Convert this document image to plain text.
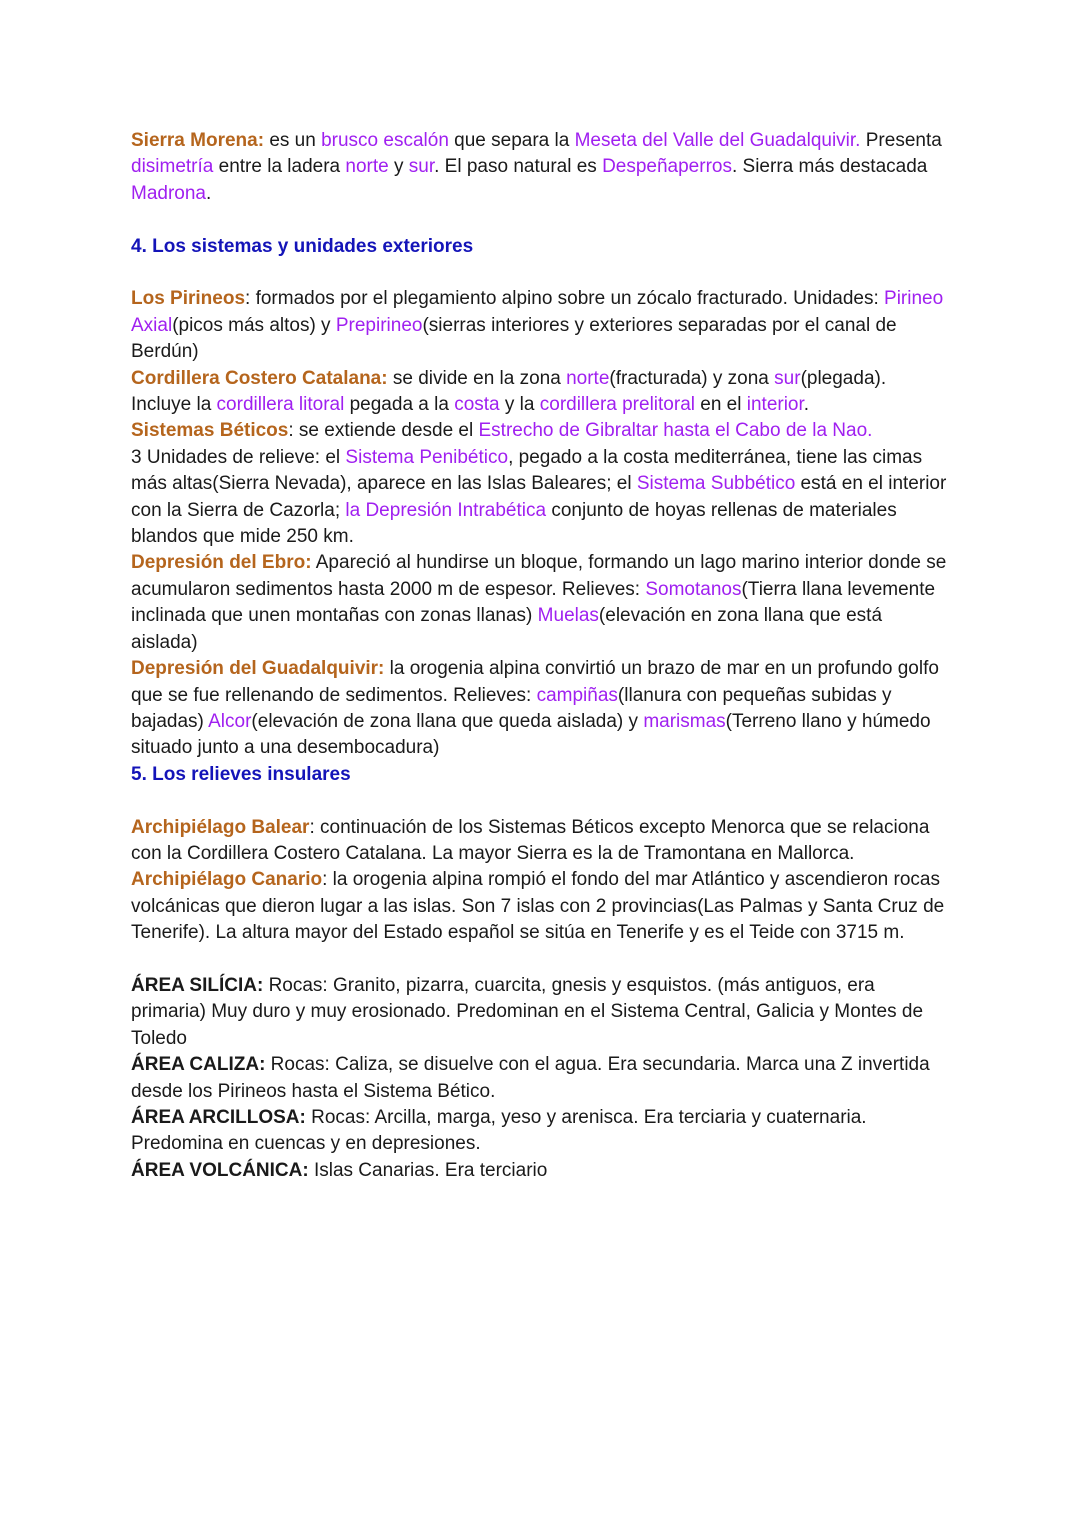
Sierra Morena: es un brusco escalón que separa la Meseta del Valle del Guadalquivir. Presenta disimetría entre la ladera norte y sur. El paso natural es Despeñaperros. Sierra más destacada Madrona.

4. Los sistemas y unidades exteriores

Los Pirineos: formados por el plegamiento alpino sobre un zócalo fracturado. Unidades: Pirineo Axial(picos más altos) y Prepirineo(sierras interiores y exteriores separadas por el canal de Berdún)

Cordillera Costero Catalana: se divide en la zona norte(fracturada) y zona sur(plegada). Incluye la cordillera litoral pegada a la costa y la cordillera prelitoral en el interior.

Sistemas Béticos: se extiende desde el Estrecho de Gibraltar hasta el Cabo de la Nao.

3 Unidades de relieve: el Sistema Penibético, pegado a la costa mediterránea, tiene las cimas más altas(Sierra Nevada), aparece en las Islas Baleares; el Sistema Subbético está en el interior con la Sierra de Cazorla; la Depresión Intrabética conjunto de hoyas rellenas de materiales blandos que mide 250 km.

Depresión del Ebro: Apareció al hundirse un bloque, formando un lago marino interior donde se acumularon sedimentos hasta 2000 m de espesor. Relieves: Somotanos(Tierra llana levemente inclinada que unen montañas con zonas llanas) Muelas(elevación en zona llana que está aislada)

Depresión del Guadalquivir: la orogenia alpina convirtió un brazo de mar en un profundo golfo que se fue rellenando de sedimentos. Relieves: campiñas(llanura con pequeñas subidas y bajadas) Alcor(elevación de zona llana que queda aislada) y marismas(Terreno llano y húmedo situado junto a una desembocadura)

5. Los relieves insulares

Archipiélago Balear: continuación de los Sistemas Béticos excepto Menorca que se relaciona con la Cordillera Costero Catalana. La mayor Sierra es la de Tramontana en Mallorca.

Archipiélago Canario: la orogenia alpina rompió el fondo del mar Atlántico y ascendieron rocas volcánicas que dieron lugar a las islas. Son 7 islas con 2 provincias(Las Palmas y Santa Cruz de Tenerife). La altura mayor del Estado español se sitúa en Tenerife y es el Teide con 3715 m.

ÁREA SILÍCIA: Rocas: Granito, pizarra, cuarcita, gnesis y esquistos. (más antiguos, era primaria) Muy duro y muy erosionado. Predominan en el Sistema Central, Galicia y Montes de Toledo

ÁREA CALIZA: Rocas: Caliza, se disuelve con el agua. Era secundaria. Marca una Z invertida desde los Pirineos hasta el Sistema Bético.

ÁREA ARCILLOSA: Rocas: Arcilla, marga, yeso y arenisca. Era terciaria y cuaternaria. Predomina en cuencas y en depresiones.

ÁREA VOLCÁNICA: Islas Canarias. Era terciario
